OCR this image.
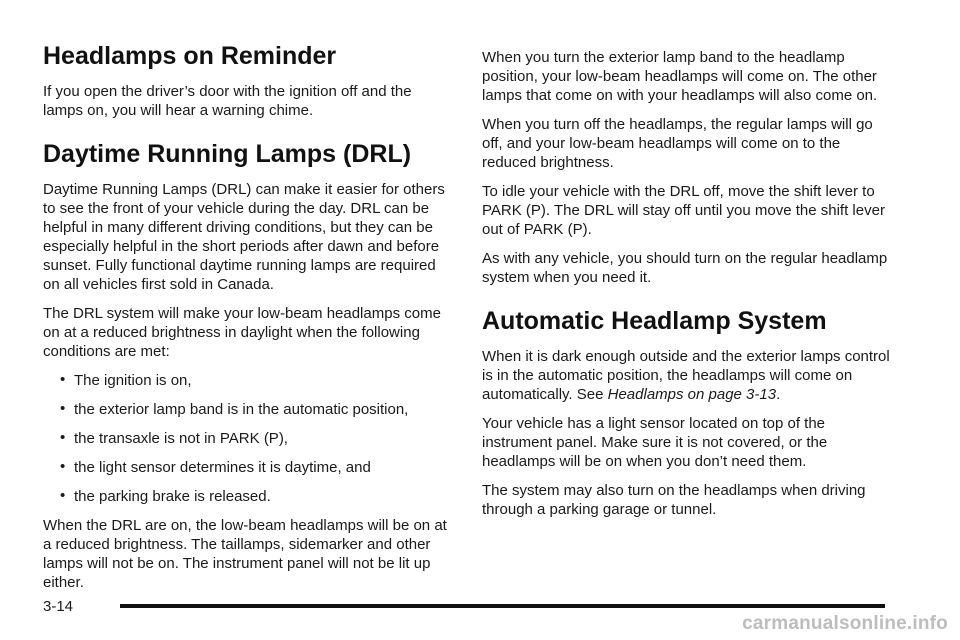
Headlamps on Reminder

If you open the driver’s door with the ignition off and the lamps on, you will hear a warning chime.

Daytime Running Lamps (DRL)

Daytime Running Lamps (DRL) can make it easier for others to see the front of your vehicle during the day. DRL can be helpful in many different driving conditions, but they can be especially helpful in the short periods after dawn and before sunset. Fully functional daytime running lamps are required on all vehicles first sold in Canada.

The DRL system will make your low-beam headlamps come on at a reduced brightness in daylight when the following conditions are met:

• The ignition is on,
• the exterior lamp band is in the automatic position,
• the transaxle is not in PARK (P),
• the light sensor determines it is daytime, and
• the parking brake is released.

When the DRL are on, the low-beam headlamps will be on at a reduced brightness. The taillamps, sidemarker and other lamps will not be on. The instrument panel will not be lit up either.

When you turn the exterior lamp band to the headlamp position, your low-beam headlamps will come on. The other lamps that come on with your headlamps will also come on.

When you turn off the headlamps, the regular lamps will go off, and your low-beam headlamps will come on to the reduced brightness.

To idle your vehicle with the DRL off, move the shift lever to PARK (P). The DRL will stay off until you move the shift lever out of PARK (P).

As with any vehicle, you should turn on the regular headlamp system when you need it.

Automatic Headlamp System

When it is dark enough outside and the exterior lamps control is in the automatic position, the headlamps will come on automatically. See Headlamps on page 3-13.

Your vehicle has a light sensor located on top of the instrument panel. Make sure it is not covered, or the headlamps will be on when you don’t need them.

The system may also turn on the headlamps when driving through a parking garage or tunnel.

3-14
carmanualsonline.info
